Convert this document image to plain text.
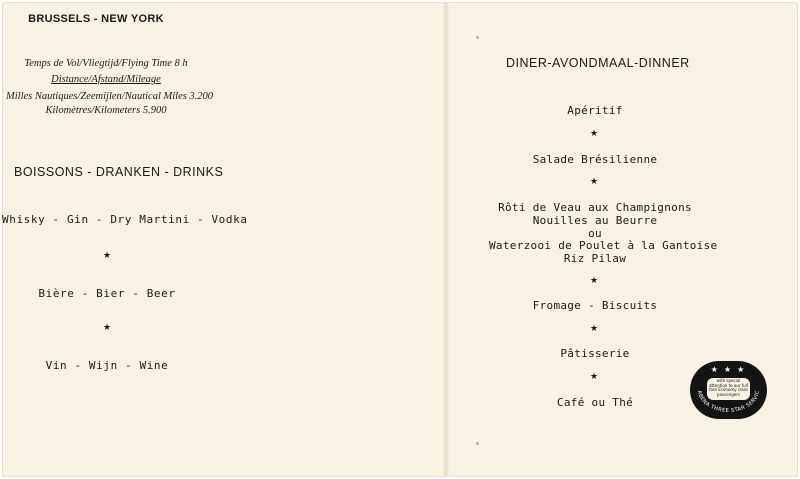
BRUSSELS - NEW YORK
Temps de Vol/Vliegtijd/Flying Time 8 h
Distance/Afstand/Mileage
Milles Nautiques/Zeemijlen/Nautical Miles 3.200
Kilomètres/Kilometers 5.900
BOISSONS - DRANKEN - DRINKS
Whisky - Gin - Dry Martini - Vodka
★
Bière - Bier - Beer
★
Vin - Wijn - Wine
DINER-AVONDMAAL-DINNER
Apéritif
★
Salade Brésilienne
★
Rôti de Veau aux Champignons
Nouilles au Beurre
ou
Waterzooi de Poulet à la Gantoise
Riz Pilaw
★
Fromage - Biscuits
★
Pâtisserie
★
Café ou Thé
★ ★ ★
ABENA THREE STAR SERVIC
with special attention to our full fare Economy class passengers
